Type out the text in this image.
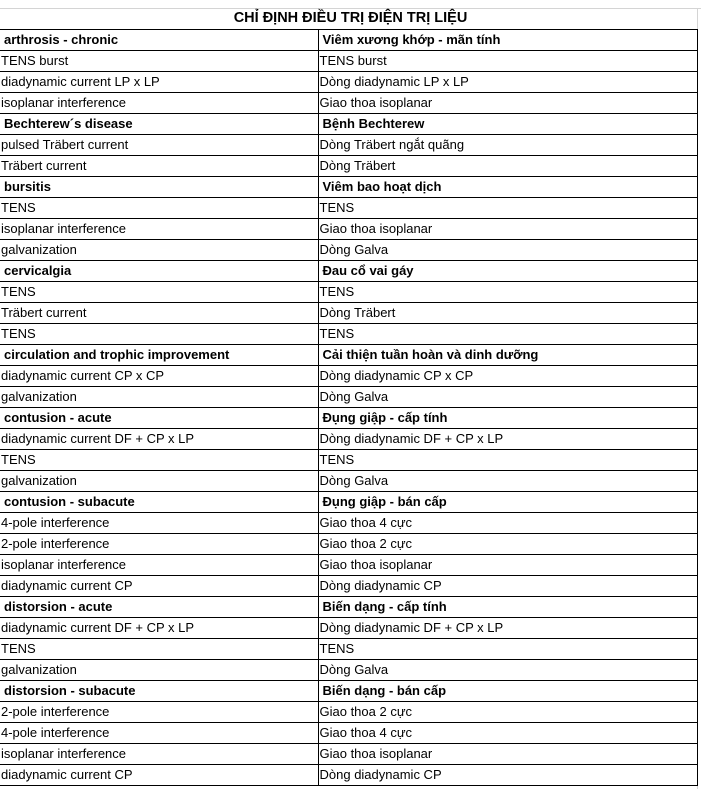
CHỈ ĐỊNH ĐIỀU TRỊ ĐIỆN TRỊ LIỆU
arthrosis - chronic	Viêm xương khớp - mãn tính
TENS burst	TENS burst
diadynamic current LP x LP	Dòng diadynamic LP x LP
isoplanar interference	Giao thoa isoplanar
Bechterew´s disease	Bệnh Bechterew
pulsed Träbert current	Dòng Träbert ngắt quãng
Träbert current	Dòng Träbert
bursitis	Viêm bao hoạt dịch
TENS	TENS
isoplanar interference	Giao thoa isoplanar
galvanization	Dòng Galva
cervicalgia	Đau cổ vai gáy
TENS	TENS
Träbert current	Dòng Träbert
TENS	TENS
circulation and trophic improvement	Cải thiện tuần hoàn và dinh dưỡng
diadynamic current CP x CP	Dòng diadynamic CP x CP
galvanization	Dòng Galva
contusion - acute	Đụng giập - cấp tính
diadynamic current DF + CP x LP	Dòng diadynamic DF + CP x LP
TENS	TENS
galvanization	Dòng Galva
contusion - subacute	Đụng giập - bán cấp
4-pole interference	Giao thoa 4 cực
2-pole interference	Giao thoa 2 cực
isoplanar interference	Giao thoa isoplanar
diadynamic current CP	Dòng diadynamic CP
distorsion - acute	Biến dạng - cấp tính
diadynamic current DF + CP x LP	Dòng diadynamic DF + CP x LP
TENS	TENS
galvanization	Dòng Galva
distorsion - subacute	Biến dạng - bán cấp
2-pole interference	Giao thoa 2 cực
4-pole interference	Giao thoa 4 cực
isoplanar interference	Giao thoa isoplanar
diadynamic current CP	Dòng diadynamic CP
